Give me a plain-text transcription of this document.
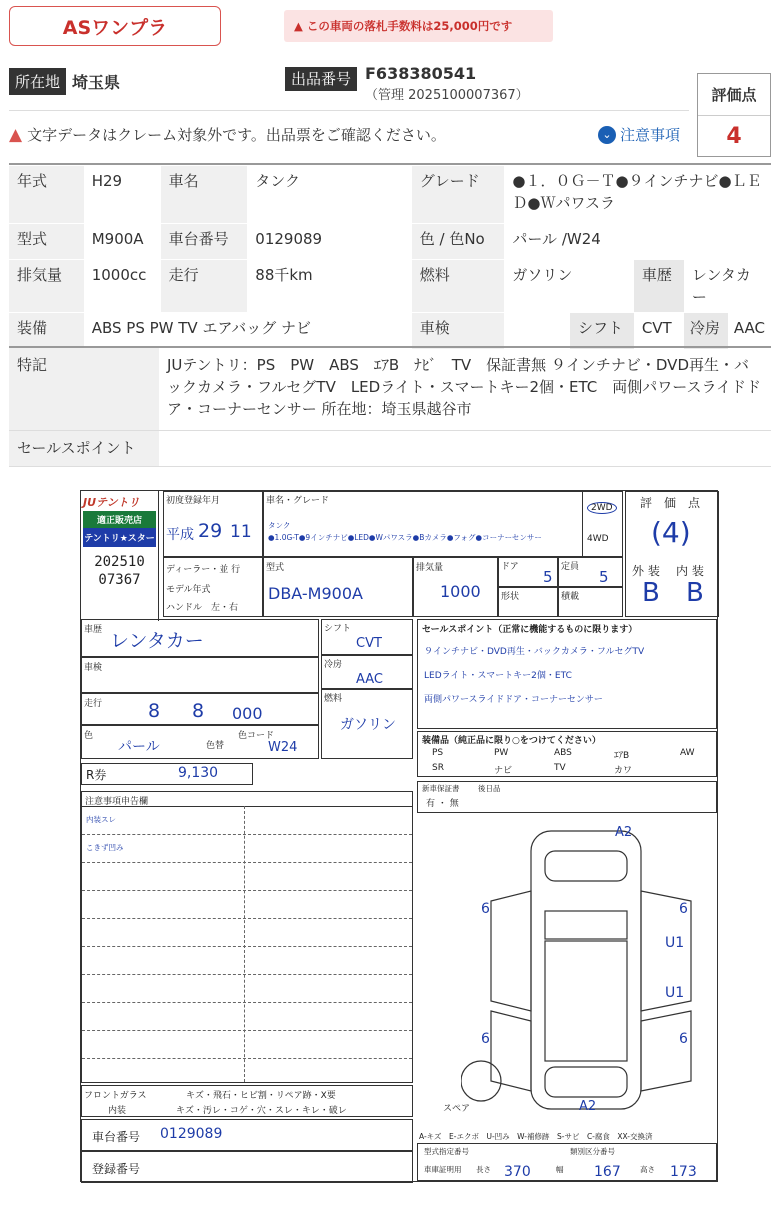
ASワンプラ	▲ この車両の落札手数料は25,000円です
所在地 埼玉県	出品番号 F638380541
（管理 2025100007367）	評価点
4
▲ 文字データはクレーム対象外です。出品票をご確認ください。	⌄ 注意事項
年式	H29	車名	タンク	グレード	●１．０Ｇ－Ｔ●９インチナビ●ＬＥＤ●Ｗパワスラ			
型式	M900A	車台番号	0129089	色 / 色No	パール /W24			
排気量	1000cc	走行	88千km	燃料	ガソリン		車歴	レンタカー
装備	ABS PS PW TV エアバッグ ナビ			車検		シフト	CVT	冷房 AAC
特記	JUテントリ：PS　PW　ABS　ｴｱB　ﾅﾋﾞ　TV　保証書無 ９インチナビ・DVD再生・バックカメラ・フルセグTV　LEDライト・スマートキー2個・ETC　両側パワースライドドア・コーナーセンサー 所在地：埼玉県越谷市
セールスポイント	
JUテントリ
適正販売店
テントリ★スター
202510
07367
初度登録年月
平成 29 11
車名・グレード
タンク
●1.0G-T●9インチナビ●LED●Wパワスラ●Bカメラ●フォグ●コーナーセンサー
2WD
4WD
評　価　点
(4)
外 装 内 装
B B
ディーラー・並 行
モデル年式
ハンドル　左・右
型式
DBA-M900A
排気量
1000
ドア
5
定員
5
形状	積載
車歴 レンタカー
車検
走行 8 8 000
色
パール	色替
色コード
W24
シフト
CVT
冷房
AAC
燃料
ガソリン
R券	9,130
セールスポイント（正常に機能するものに限ります）
９インチナビ・DVD再生・バックカメラ・フルセグTV
LEDライト・スマートキー2個・ETC
両側パワースライドドア・コーナーセンサー
装備品（純正品に限り○をつけてください）
PS	PW	ABS	ｴｱB	AW
SR	ナビ	TV	カワ
新車保証書
有 ・ 無
後日品
注意事項申告欄
内装スレ
こきず凹み
フロントガラス	キズ・飛石・ヒビ割・リペア跡・X要
内装	キズ・汚レ・コゲ・穴・スレ・キレ・破レ
車台番号 0129089
登録番号
A2
A2
6	6
6	6
U1
U1
スペア
A-キズ　E-エクボ　U-凹み　W-補修跡　S-サビ　C-腐食　XX-交換済
型式指定番号	類別区分番号
車庫証明用 長さ 370	幅 167	高さ 173
